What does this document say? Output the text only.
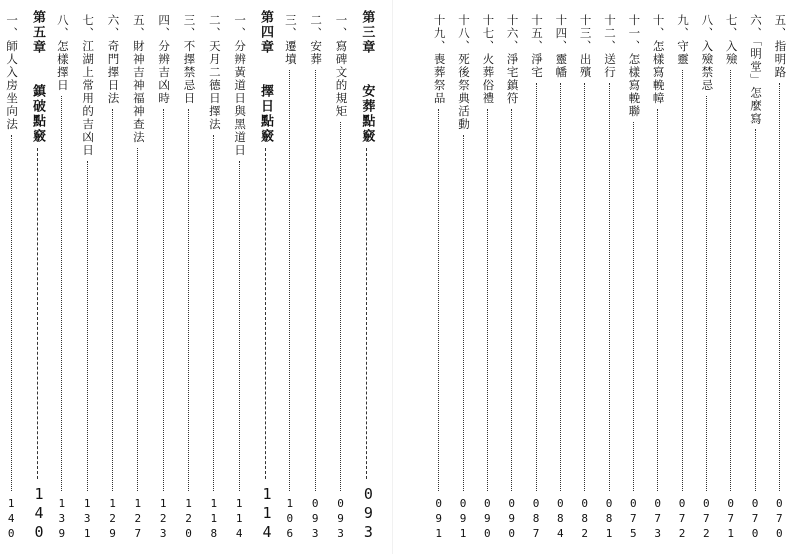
第三章　安葬點竅
093
一、寫碑文的規矩
093
二、安葬
093
三、遷墳
106
第四章　擇日點竅
114
一、分辨黃道日與黑道日
114
二、天月二德日擇法
118
三、不擇禁忌日
120
四、分辨吉凶時
123
五、財神吉神福神查法
127
六、奇門擇日法
129
七、江湖上常用的吉凶日
131
八、怎樣擇日
139
第五章　鎮破點竅
140
一、師人入房坐向法
140
五、指明路
070
六、「明堂」怎麼寫
070
七、入殮
071
八、入殮禁忌
072
九、守靈
072
十、怎樣寫輓幛
073
十一、怎樣寫輓聯
075
十二、送行
081
十三、出殯
082
十四、靈幡
084
十五、淨宅
087
十六、淨宅鎮符
090
十七、火葬俗禮
090
十八、死後祭典活動
091
十九、喪葬祭品
091
